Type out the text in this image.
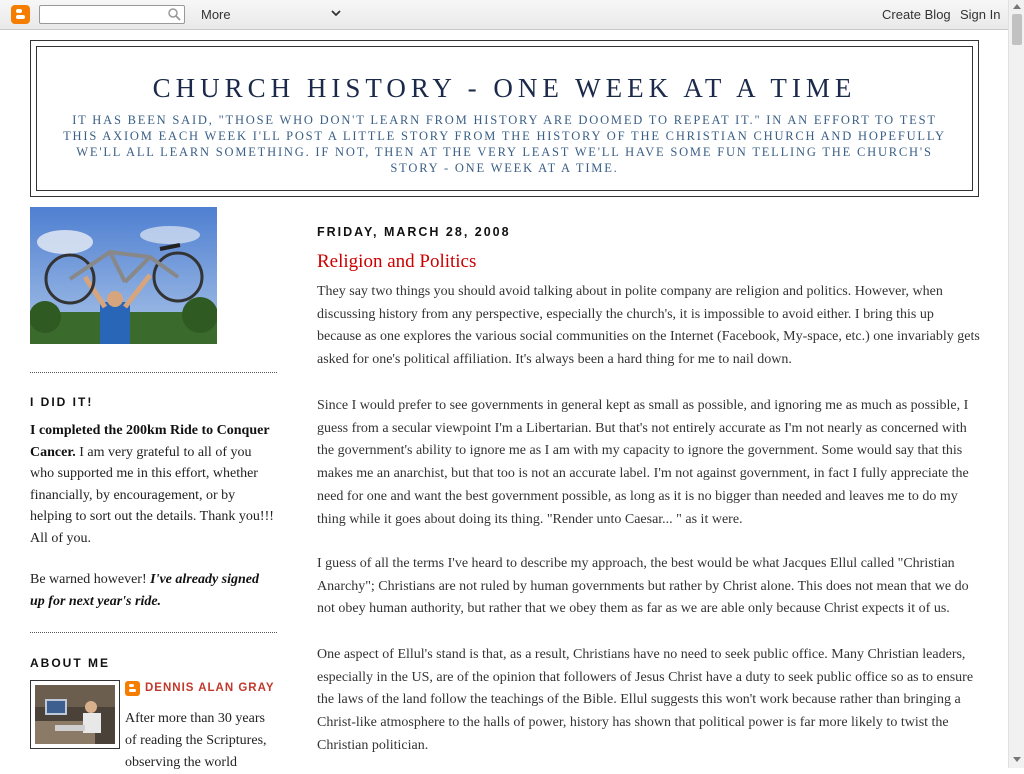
More	Create Blog Sign In
CHURCH HISTORY - ONE WEEK AT A TIME

IT HAS BEEN SAID, "THOSE WHO DON'T LEARN FROM HISTORY ARE DOOMED TO REPEAT IT." IN AN EFFORT TO TEST THIS AXIOM EACH WEEK I'LL POST A LITTLE STORY FROM THE HISTORY OF THE CHRISTIAN CHURCH AND HOPEFULLY WE'LL ALL LEARN SOMETHING. IF NOT, THEN AT THE VERY LEAST WE'LL HAVE SOME FUN TELLING THE CHURCH'S STORY - ONE WEEK AT A TIME.

I DID IT!

I completed the 200km Ride to Conquer Cancer. I am very grateful to all of you who supported me in this effort, whether financially, by encouragement, or by helping to sort out the details. Thank you!!! All of you.

Be warned however! I've already signed up for next year's ride.

ABOUT ME
DENNIS ALAN GRAY

After more than 30 years of reading the Scriptures, observing the world

FRIDAY, MARCH 28, 2008
Religion and Politics

They say two things you should avoid talking about in polite company are religion and politics. However, when discussing history from any perspective, especially the church's, it is impossible to avoid either. I bring this up because as one explores the various social communities on the Internet (Facebook, My-space, etc.) one invariably gets asked for one's political affiliation. It's always been a hard thing for me to nail down.

Since I would prefer to see governments in general kept as small as possible, and ignoring me as much as possible, I guess from a secular viewpoint I'm a Libertarian. But that's not entirely accurate as I'm not nearly as concerned with the government's ability to ignore me as I am with my capacity to ignore the government. Some would say that this makes me an anarchist, but that too is not an accurate label. I'm not against government, in fact I fully appreciate the need for one and want the best government possible, as long as it is no bigger than needed and leaves me to do my thing while it goes about doing its thing. "Render unto Caesar... " as it were.

I guess of all the terms I've heard to describe my approach, the best would be what Jacques Ellul called "Christian Anarchy"; Christians are not ruled by human governments but rather by Christ alone. This does not mean that we do not obey human authority, but rather that we obey them as far as we are able only because Christ expects it of us.

One aspect of Ellul's stand is that, as a result, Christians have no need to seek public office. Many Christian leaders, especially in the US, are of the opinion that followers of Jesus Christ have a duty to seek public office so as to ensure the laws of the land follow the teachings of the Bible. Ellul suggests this won't work because rather than bringing a Christ-like atmosphere to the halls of power, history has shown that political power is far more likely to twist the Christian politician.
